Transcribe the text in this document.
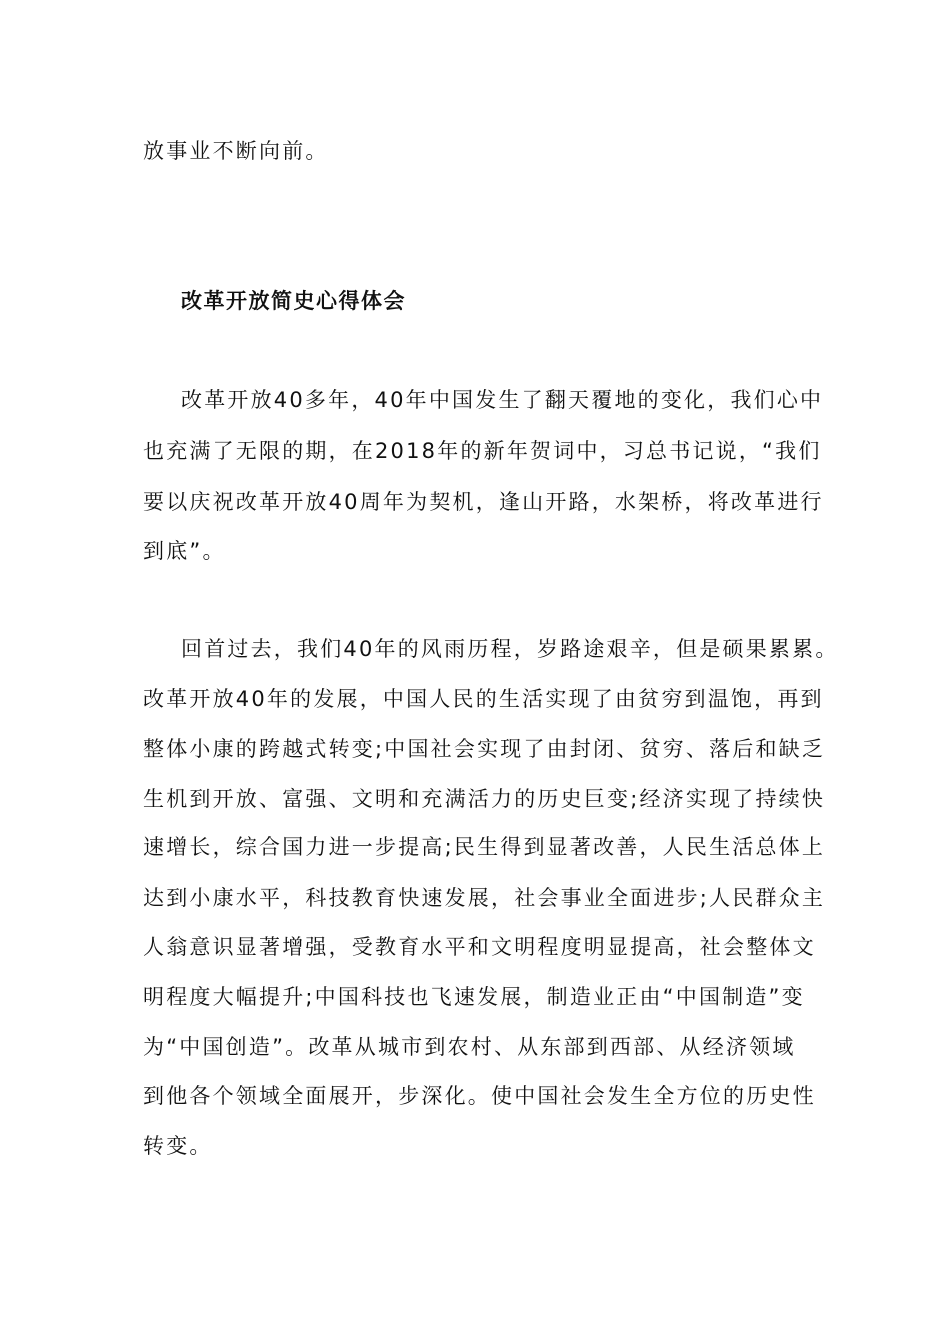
放事业不断向前。
改革开放简史心得体会
改革开放40多年，40年中国发生了翻天覆地的变化，我们心中
也充满了无限的期，在2018年的新年贺词中，习总书记说，“我们
要以庆祝改革开放40周年为契机，逢山开路，水架桥，将改革进行
到底”。
回首过去，我们40年的风雨历程，岁路途艰辛，但是硕果累累。
改革开放40年的发展，中国人民的生活实现了由贫穷到温饱，再到
整体小康的跨越式转变;中国社会实现了由封闭、贫穷、落后和缺乏
生机到开放、富强、文明和充满活力的历史巨变;经济实现了持续快
速增长，综合国力进一步提高;民生得到显著改善，人民生活总体上
达到小康水平，科技教育快速发展，社会事业全面进步;人民群众主
人翁意识显著增强，受教育水平和文明程度明显提高，社会整体文
明程度大幅提升;中国科技也飞速发展，制造业正由“中国制造”变
为“中国创造”。改革从城市到农村、从东部到西部、从经济领域
到他各个领域全面展开，步深化。使中国社会发生全方位的历史性
转变。
